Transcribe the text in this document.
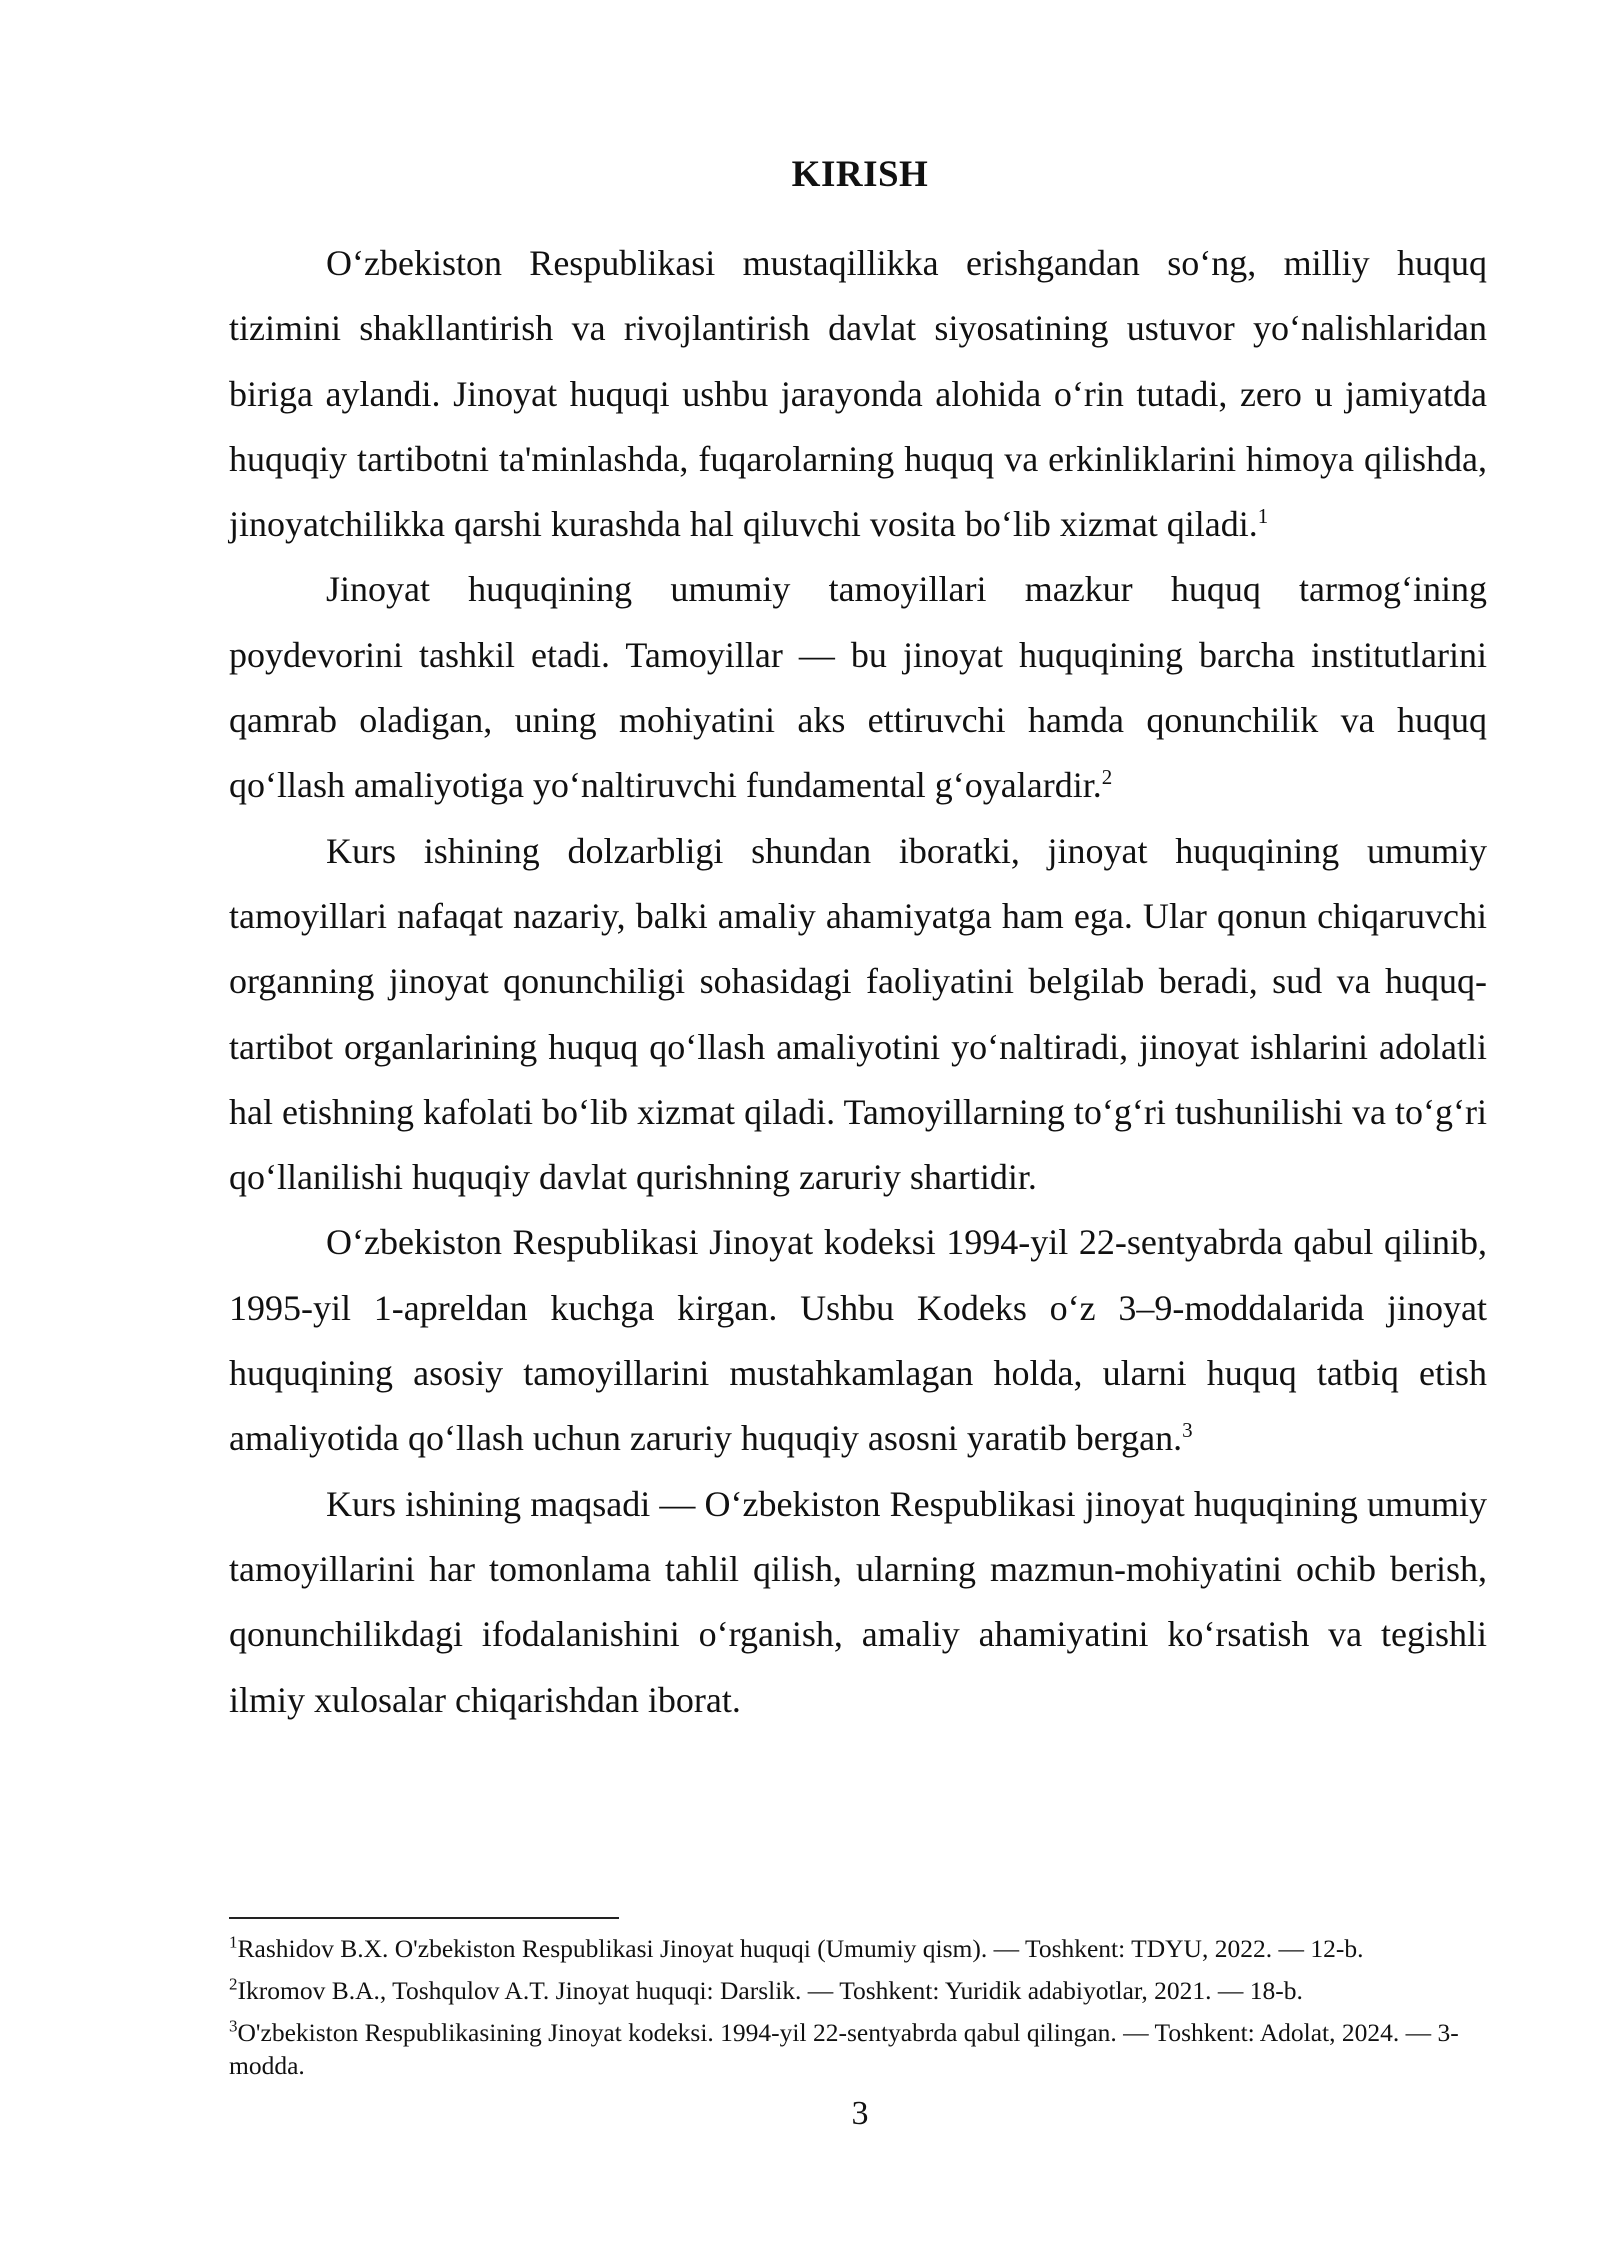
KIRISH

O‘zbekiston Respublikasi mustaqillikka erishgandan so‘ng, milliy huquq tizimini shakllantirish va rivojlantirish davlat siyosatining ustuvor yo‘nalishlaridan biriga aylandi. Jinoyat huquqi ushbu jarayonda alohida o‘rin tutadi, zero u jamiyatda huquqiy tartibotni ta'minlashda, fuqarolarning huquq va erkinliklarini himoya qilishda, jinoyatchilikka qarshi kurashda hal qiluvchi vosita bo‘lib xizmat qiladi.$^1$

Jinoyat huquqining umumiy tamoyillari mazkur huquq tarmog‘ining poydevorini tashkil etadi. Tamoyillar — bu jinoyat huquqining barcha institutlarini qamrab oladigan, uning mohiyatini aks ettiruvchi hamda qonunchilik va huquq qo‘llash amaliyotiga yo‘naltiruvchi fundamental g‘oyalardir.$^2$

Kurs ishining dolzarbligi shundan iboratki, jinoyat huquqining umumiy tamoyillari nafaqat nazariy, balki amaliy ahamiyatga ham ega. Ular qonun chiqaruvchi organning jinoyat qonunchiligi sohasidagi faoliyatini belgilab beradi, sud va huquq-tartibot organlarining huquq qo‘llash amaliyotini yo‘naltiradi, jinoyat ishlarini adolatli hal etishning kafolati bo‘lib xizmat qiladi. Tamoyillarning to‘g‘ri tushunilishi va to‘g‘ri qo‘llanilishi huquqiy davlat qurishning zaruriy shartidir.

O‘zbekiston Respublikasi Jinoyat kodeksi 1994-yil 22-sentyabrda qabul qilinib, 1995-yil 1-apreldan kuchga kirgan. Ushbu Kodeks o‘z 3–9-moddalarida jinoyat huquqining asosiy tamoyillarini mustahkamlagan holda, ularni huquq tatbiq etish amaliyotida qo‘llash uchun zaruriy huquqiy asosni yaratib bergan.$^3$

Kurs ishining maqsadi — O‘zbekiston Respublikasi jinoyat huquqining umumiy tamoyillarini har tomonlama tahlil qilish, ularning mazmun-mohiyatini ochib berish, qonunchilikdagi ifodalanishini o‘rganish, amaliy ahamiyatini ko‘rsatish va tegishli ilmiy xulosalar chiqarishdan iborat.

$^1$Rashidov B.X. O'zbekiston Respublikasi Jinoyat huquqi (Umumiy qism). — Toshkent: TDYU, 2022. — 12-b.

$^2$Ikromov B.A., Toshqulov A.T. Jinoyat huquqi: Darslik. — Toshkent: Yuridik adabiyotlar, 2021. — 18-b.

$^3$O'zbekiston Respublikasining Jinoyat kodeksi. 1994-yil 22-sentyabrda qabul qilingan. — Toshkent: Adolat, 2024. — 3-modda.

3
